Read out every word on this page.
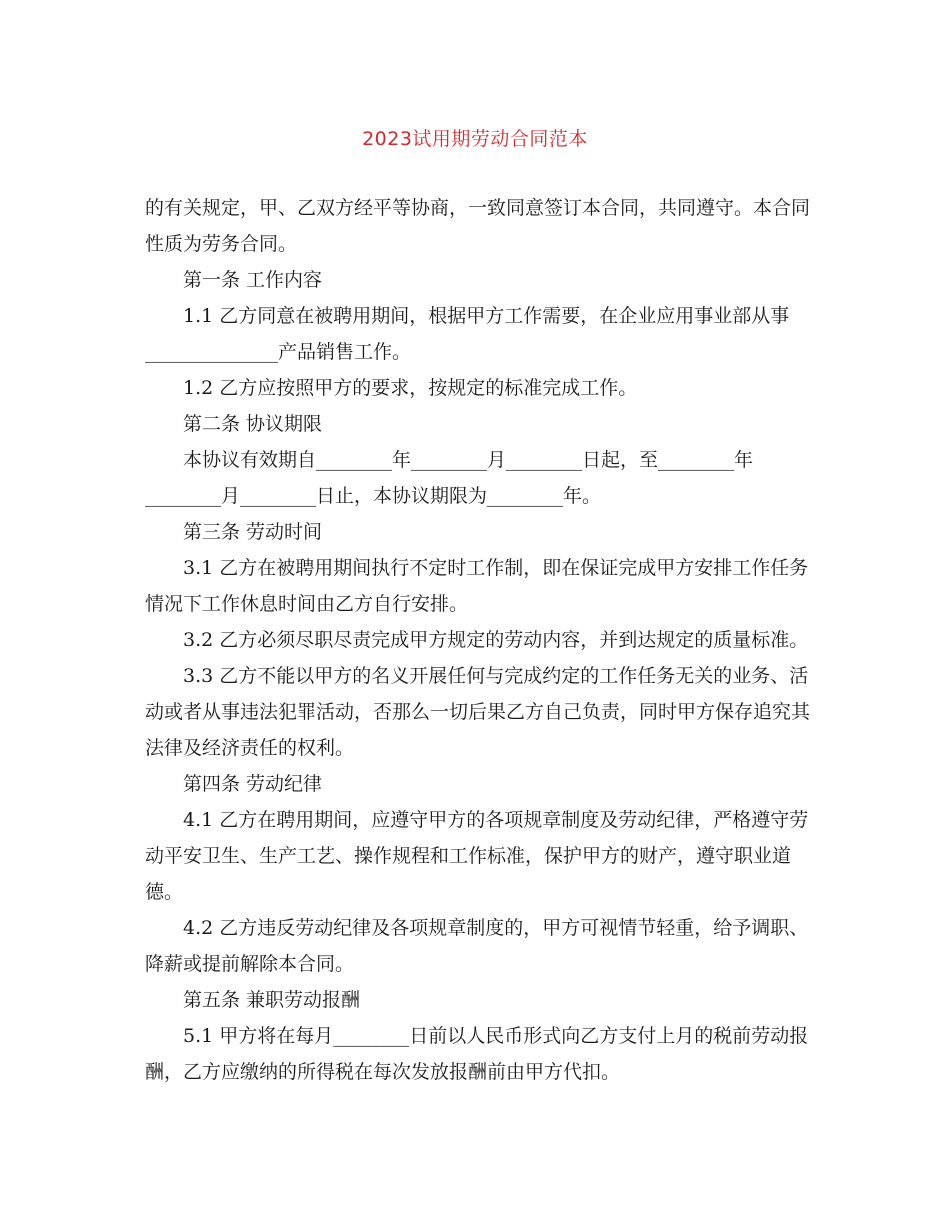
2023试用期劳动合同范本

的有关规定，甲、乙双方经平等协商，一致同意签订本合同，共同遵守。本合同性质为劳务合同。

第一条 工作内容

1.1 乙方同意在被聘用期间，根据甲方工作需要，在企业应用事业部从事______________产品销售工作。

1.2 乙方应按照甲方的要求，按规定的标准完成工作。

第二条 协议期限

本协议有效期自________年________月________日起，至________年________月________日止，本协议期限为________年。

第三条 劳动时间

3.1 乙方在被聘用期间执行不定时工作制，即在保证完成甲方安排工作任务情况下工作休息时间由乙方自行安排。

3.2 乙方必须尽职尽责完成甲方规定的劳动内容，并到达规定的质量标准。

3.3 乙方不能以甲方的名义开展任何与完成约定的工作任务无关的业务、活动或者从事违法犯罪活动，否那么一切后果乙方自己负责，同时甲方保存追究其法律及经济责任的权利。

第四条 劳动纪律

4.1 乙方在聘用期间，应遵守甲方的各项规章制度及劳动纪律，严格遵守劳动平安卫生、生产工艺、操作规程和工作标准，保护甲方的财产，遵守职业道德。

4.2 乙方违反劳动纪律及各项规章制度的，甲方可视情节轻重，给予调职、降薪或提前解除本合同。

第五条 兼职劳动报酬

5.1 甲方将在每月________日前以人民币形式向乙方支付上月的税前劳动报酬，乙方应缴纳的所得税在每次发放报酬前由甲方代扣。
